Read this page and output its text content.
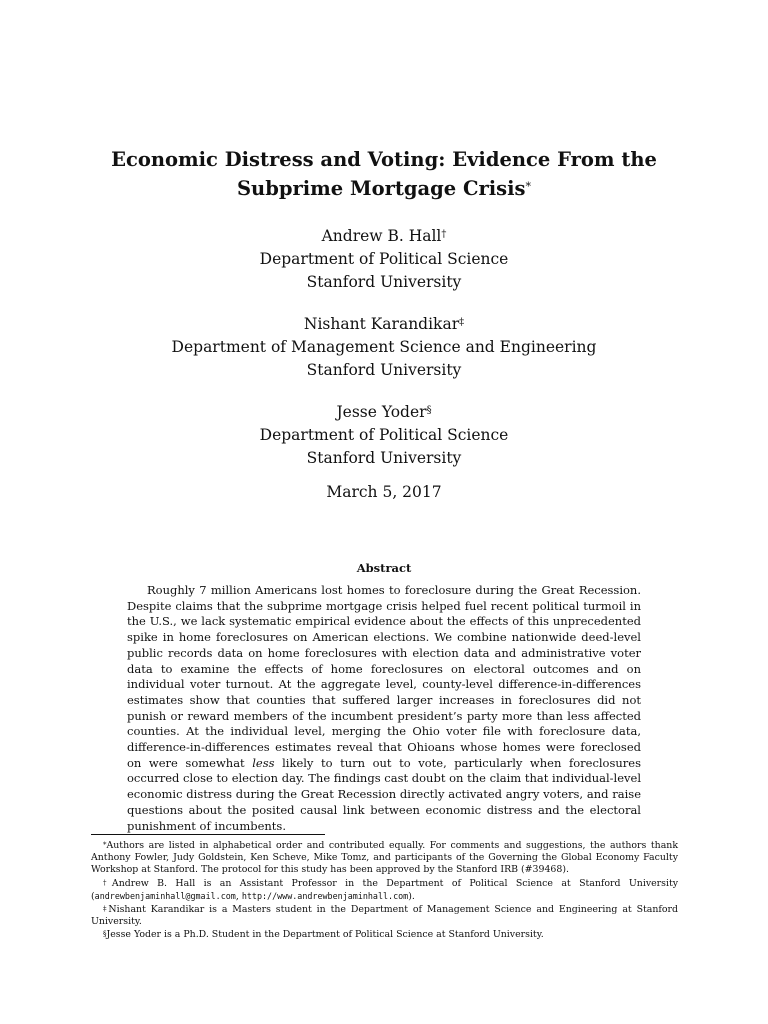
Economic Distress and Voting: Evidence From the
Subprime Mortgage Crisis*
Andrew B. Hall†
Department of Political Science
Stanford University
Nishant Karandikar‡
Department of Management Science and Engineering
Stanford University
Jesse Yoder§
Department of Political Science
Stanford University
March 5, 2017
Abstract

Roughly 7 million Americans lost homes to foreclosure during the Great Recession. Despite claims that the subprime mortgage crisis helped fuel recent political turmoil in the U.S., we lack systematic empirical evidence about the effects of this unprecedented spike in home foreclosures on American elections. We combine nationwide deed-level public records data on home foreclosures with election data and administrative voter data to examine the effects of home foreclosures on electoral outcomes and on individual voter turnout. At the aggregate level, county-level difference-in-differences estimates show that counties that suffered larger increases in foreclosures did not punish or reward members of the incumbent president’s party more than less affected counties. At the individual level, merging the Ohio voter file with foreclosure data, difference-in-differences estimates reveal that Ohioans whose homes were foreclosed on were somewhat less likely to turn out to vote, particularly when foreclosures occurred close to election day. The findings cast doubt on the claim that individual-level economic distress during the Great Recession directly activated angry voters, and raise questions about the posited causal link between economic distress and the electoral punishment of incumbents.

*Authors are listed in alphabetical order and contributed equally. For comments and suggestions, the authors thank Anthony Fowler, Judy Goldstein, Ken Scheve, Mike Tomz, and participants of the Governing the Global Economy Faculty Workshop at Stanford. The protocol for this study has been approved by the Stanford IRB (#39468).

†Andrew B. Hall is an Assistant Professor in the Department of Political Science at Stanford University (andrewbenjaminhall@gmail.com, http://www.andrewbenjaminhall.com).

‡Nishant Karandikar is a Masters student in the Department of Management Science and Engineering at Stanford University.

§Jesse Yoder is a Ph.D. Student in the Department of Political Science at Stanford University.
